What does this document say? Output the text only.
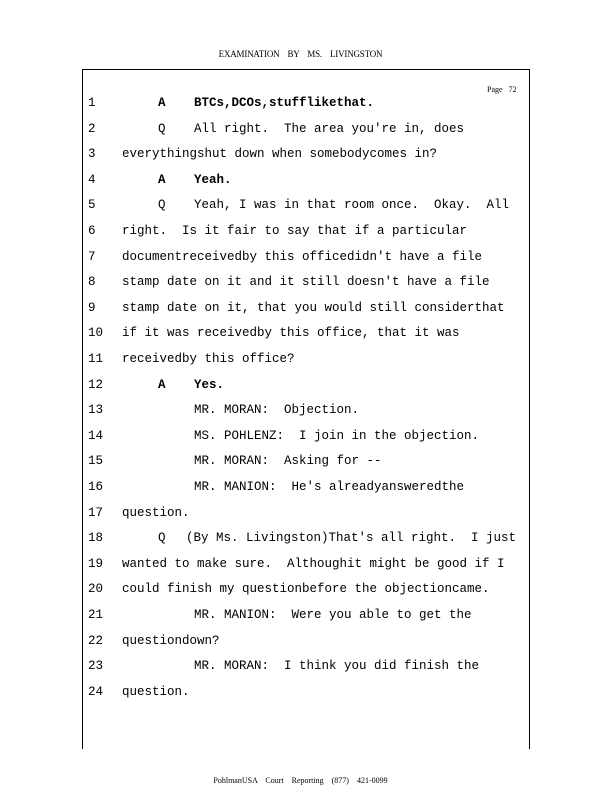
EXAMINATION BY MS. LIVINGSTON
Page 72
1	A BTCs,DCOs,stufflikethat.
2	Q All right.  The area you're in, does
3	everythingshut down when somebodycomes in?
4	A Yeah.
5	Q Yeah, I was in that room once.  Okay.  All
6	right.  Is it fair to say that if a particular
7	documentreceivedby this officedidn't have a file
8	stamp date on it and it still doesn't have a file
9	stamp date on it, that you would still considerthat
10	if it was receivedby this office, that it was
11	receivedby this office?
12	A Yes.
13	MR. MORAN:  Objection.
14	MS. POHLENZ:  I join in the objection.
15	MR. MORAN:  Asking for --
16	MR. MANION:  He's alreadyansweredthe
17	question.
18	Q (By Ms. Livingston)That's all right.  I just
19	wanted to make sure.  Althoughit might be good if I
20	could finish my questionbefore the objectioncame.
21	MR. MANION:  Were you able to get the
22	questiondown?
23	MR. MORAN:  I think you did finish the
24	question.
PohlmanUSA Court Reporting (877) 421-0099
